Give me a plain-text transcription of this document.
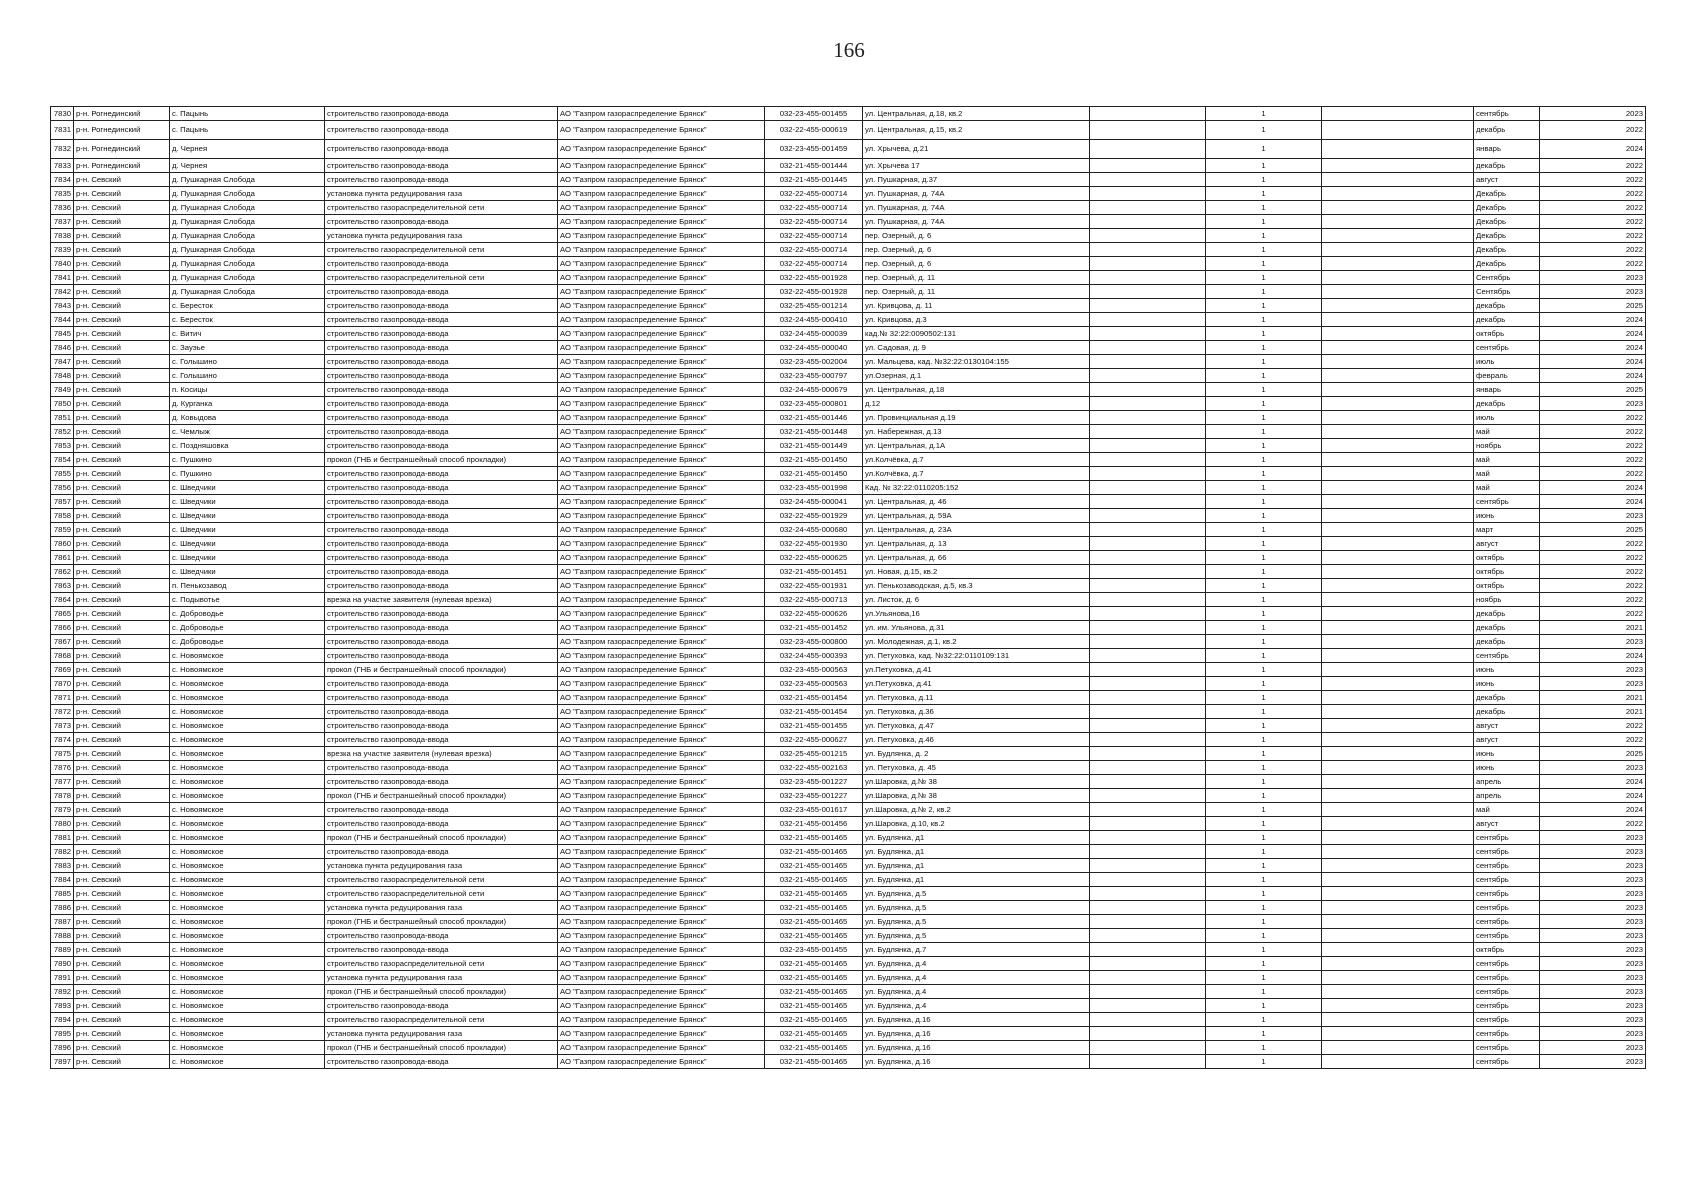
166
7830	р-н. Рогнединский	с. Пацынь	строительство газопровода-ввода	АО "Газпром газораспределение Брянск"	032-23-455-001455	ул. Центральная, д.18, кв.2		1		сентябрь	2023
7831	р-н. Рогнединский	с. Пацынь	строительство газопровода-ввода	АО "Газпром газораспределение Брянск"	032-22-455-000619	ул. Центральная, д.15, кв.2		1		декабрь	2022
7832	р-н. Рогнединский	д. Чернея	строительство газопровода-ввода	АО "Газпром газораспределение Брянск"	032-23-455-001459	ул. Хрычева, д.21		1		январь	2024
7833	р-н. Рогнединский	д. Чернея	строительство газопровода-ввода	АО "Газпром газораспределение Брянск"	032-21-455-001444	ул. Хрычева 17		1		декабрь	2022
7834	р-н. Севский	д. Пушкарная Слобода	строительство газопровода-ввода	АО "Газпром газораспределение Брянск"	032-21-455-001445	ул. Пушкарная, д.37		1		август	2022
7835	р-н. Севский	д. Пушкарная Слобода	установка пункта редуцирования газа	АО "Газпром газораспределение Брянск"	032-22-455-000714	ул. Пушкарная, д. 74А		1		Декабрь	2022
7836	р-н. Севский	д. Пушкарная Слобода	строительство газораспределительной сети	АО "Газпром газораспределение Брянск"	032-22-455-000714	ул. Пушкарная, д. 74А		1		Декабрь	2022
7837	р-н. Севский	д. Пушкарная Слобода	строительство газопровода-ввода	АО "Газпром газораспределение Брянск"	032-22-455-000714	ул. Пушкарная, д. 74А		1		Декабрь	2022
7838	р-н. Севский	д. Пушкарная Слобода	установка пункта редуцирования газа	АО "Газпром газораспределение Брянск"	032-22-455-000714	пер. Озерный, д. 6		1		Декабрь	2022
7839	р-н. Севский	д. Пушкарная Слобода	строительство газораспределительной сети	АО "Газпром газораспределение Брянск"	032-22-455-000714	пер. Озерный, д. 6		1		Декабрь	2022
7840	р-н. Севский	д. Пушкарная Слобода	строительство газопровода-ввода	АО "Газпром газораспределение Брянск"	032-22-455-000714	пер. Озерный, д. 6		1		Декабрь	2022
7841	р-н. Севский	д. Пушкарная Слобода	строительство газораспределительной сети	АО "Газпром газораспределение Брянск"	032-22-455-001928	пер. Озерный, д. 11		1		Сентябрь	2023
7842	р-н. Севский	д. Пушкарная Слобода	строительство газопровода-ввода	АО "Газпром газораспределение Брянск"	032-22-455-001928	пер. Озерный, д. 11		1		Сентябрь	2023
7843	р-н. Севский	с. Бересток	строительство газопровода-ввода	АО "Газпром газораспределение Брянск"	032-25-455-001214	ул. Кривцова, д. 11		1		декабрь	2025
7844	р-н. Севский	с. Бересток	строительство газопровода-ввода	АО "Газпром газораспределение Брянск"	032-24-455-000410	ул. Кривцова, д.3		1		декабрь	2024
7845	р-н. Севский	с. Витич	строительство газопровода-ввода	АО "Газпром газораспределение Брянск"	032-24-455-000039	кад.№ 32:22:0090502:131		1		октябрь	2024
7846	р-н. Севский	с. Зауэье	строительство газопровода-ввода	АО "Газпром газораспределение Брянск"	032-24-455-000040	ул. Садовая, д. 9		1		сентябрь	2024
7847	р-н. Севский	с. Голышино	строительство газопровода-ввода	АО "Газпром газораспределение Брянск"	032-23-455-002004	ул. Мальцева, кад. №32:22:0130104:155		1		июль	2024
7848	р-н. Севский	с. Голышино	строительство газопровода-ввода	АО "Газпром газораспределение Брянск"	032-23-455-000797	ул.Озерная, д.1		1		февраль	2024
7849	р-н. Севский	п. Косицы	строительство газопровода-ввода	АО "Газпром газораспределение Брянск"	032-24-455-000679	ул. Центральная, д.18		1		январь	2025
7850	р-н. Севский	д. Курганка	строительство газопровода-ввода	АО "Газпром газораспределение Брянск"	032-23-455-000801	д.12		1		декабрь	2023
7851	р-н. Севский	д. Ковыдова	строительство газопровода-ввода	АО "Газпром газораспределение Брянск"	032-21-455-001446	ул. Провинциальная д.19		1		июль	2022
7852	р-н. Севский	с. Чемлыж	строительство газопровода-ввода	АО "Газпром газораспределение Брянск"	032-21-455-001448	ул. Набережная, д.13		1		май	2022
7853	р-н. Севский	с. Поздняшовка	строительство газопровода-ввода	АО "Газпром газораспределение Брянск"	032-21-455-001449	ул. Центральная, д.1А		1		ноябрь	2022
7854	р-н. Севский	с. Пушкино	прокол (ГНБ и бестраншейный способ прокладки)	АО "Газпром газораспределение Брянск"	032-21-455-001450	ул.Колчёвка, д.7		1		май	2022
7855	р-н. Севский	с. Пушкино	строительство газопровода-ввода	АО "Газпром газораспределение Брянск"	032-21-455-001450	ул.Колчёвка, д.7		1		май	2022
7856	р-н. Севский	с. Шведчики	строительство газопровода-ввода	АО "Газпром газораспределение Брянск"	032-23-455-001998	Кад. № 32:22:0110205:152		1		май	2024
7857	р-н. Севский	с. Шведчики	строительство газопровода-ввода	АО "Газпром газораспределение Брянск"	032-24-455-000041	ул. Центральная, д. 46		1		сентябрь	2024
7858	р-н. Севский	с. Шведчики	строительство газопровода-ввода	АО "Газпром газораспределение Брянск"	032-22-455-001929	ул. Центральная, д. 59А		1		июнь	2023
7859	р-н. Севский	с. Шведчики	строительство газопровода-ввода	АО "Газпром газораспределение Брянск"	032-24-455-000680	ул. Центральная, д. 23А		1		март	2025
7860	р-н. Севский	с. Шведчики	строительство газопровода-ввода	АО "Газпром газораспределение Брянск"	032-22-455-001930	ул. Центральная, д. 13		1		август	2022
7861	р-н. Севский	с. Шведчики	строительство газопровода-ввода	АО "Газпром газораспределение Брянск"	032-22-455-000625	ул. Центральная, д. 66		1		октябрь	2022
7862	р-н. Севский	с. Шведчики	строительство газопровода-ввода	АО "Газпром газораспределение Брянск"	032-21-455-001451	ул. Новая, д.15, кв.2		1		октябрь	2022
7863	р-н. Севский	п. Пенькозавод	строительство газопровода-ввода	АО "Газпром газораспределение Брянск"	032-22-455-001931	ул. Пенькозаводская, д.5, кв.3		1		октябрь	2022
7864	р-н. Севский	с. Подывотье	врезка на участке заявителя (нулевая врезка)	АО "Газпром газораспределение Брянск"	032-22-455-000713	ул. Листок, д. 6		1		ноябрь	2022
7865	р-н. Севский	с. Доброводье	строительство газопровода-ввода	АО "Газпром газораспределение Брянск"	032-22-455-000626	ул.Ульянова,16		1		декабрь	2022
7866	р-н. Севский	с. Доброводье	строительство газопровода-ввода	АО "Газпром газораспределение Брянск"	032-21-455-001452	ул. им. Ульянова, д.31		1		декабрь	2021
7867	р-н. Севский	с. Доброводье	строительство газопровода-ввода	АО "Газпром газораспределение Брянск"	032-23-455-000800	ул. Молодежная, д.1, кв.2		1		декабрь	2023
7868	р-н. Севский	с. Новоямское	строительство газопровода-ввода	АО "Газпром газораспределение Брянск"	032-24-455-000393	ул. Петуховка, кад. №32:22:0110109:131		1		сентябрь	2024
7869	р-н. Севский	с. Новоямское	прокол (ГНБ и бестраншейный способ прокладки)	АО "Газпром газораспределение Брянск"	032-23-455-000563	ул.Петуховка, д.41		1		июнь	2023
7870	р-н. Севский	с. Новоямское	строительство газопровода-ввода	АО "Газпром газораспределение Брянск"	032-23-455-000563	ул.Петуховка, д.41		1		июнь	2023
7871	р-н. Севский	с. Новоямское	строительство газопровода-ввода	АО "Газпром газораспределение Брянск"	032-21-455-001454	ул. Петуховка, д.11		1		декабрь	2021
7872	р-н. Севский	с. Новоямское	строительство газопровода-ввода	АО "Газпром газораспределение Брянск"	032-21-455-001454	ул. Петуховка, д.36		1		декабрь	2021
7873	р-н. Севский	с. Новоямское	строительство газопровода-ввода	АО "Газпром газораспределение Брянск"	032-21-455-001455	ул. Петуховка, д.47		1		август	2022
7874	р-н. Севский	с. Новоямское	строительство газопровода-ввода	АО "Газпром газораспределение Брянск"	032-22-455-000627	ул. Петуховка, д.46		1		август	2022
7875	р-н. Севский	с. Новоямское	врезка на участке заявителя (нулевая врезка)	АО "Газпром газораспределение Брянск"	032-25-455-001215	ул. Будлянка, д. 2		1		июнь	2025
7876	р-н. Севский	с. Новоямское	строительство газопровода-ввода	АО "Газпром газораспределение Брянск"	032-22-455-002163	ул. Петуховка, д. 45		1		июнь	2023
7877	р-н. Севский	с. Новоямское	строительство газопровода-ввода	АО "Газпром газораспределение Брянск"	032-23-455-001227	ул.Шаровка, д.№ 38		1		апрель	2024
7878	р-н. Севский	с. Новоямское	прокол (ГНБ и бестраншейный способ прокладки)	АО "Газпром газораспределение Брянск"	032-23-455-001227	ул.Шаровка, д.№ 38		1		апрель	2024
7879	р-н. Севский	с. Новоямское	строительство газопровода-ввода	АО "Газпром газораспределение Брянск"	032-23-455-001617	ул.Шаровка, д.№ 2, кв.2		1		май	2024
7880	р-н. Севский	с. Новоямское	строительство газопровода-ввода	АО "Газпром газораспределение Брянск"	032-21-455-001456	ул.Шаровка, д.10, кв.2		1		август	2022
7881	р-н. Севский	с. Новоямское	прокол (ГНБ и бестраншейный способ прокладки)	АО "Газпром газораспределение Брянск"	032-21-455-001465	ул. Будлянка, д1		1		сентябрь	2023
7882	р-н. Севский	с. Новоямское	строительство газопровода-ввода	АО "Газпром газораспределение Брянск"	032-21-455-001465	ул. Будлянка, д1		1		сентябрь	2023
7883	р-н. Севский	с. Новоямское	установка пункта редуцирования газа	АО "Газпром газораспределение Брянск"	032-21-455-001465	ул. Будлянка, д1		1		сентябрь	2023
7884	р-н. Севский	с. Новоямское	строительство газораспределительной сети	АО "Газпром газораспределение Брянск"	032-21-455-001465	ул. Будлянка, д1		1		сентябрь	2023
7885	р-н. Севский	с. Новоямское	строительство газораспределительной сети	АО "Газпром газораспределение Брянск"	032-21-455-001465	ул. Будлянка, д.5		1		сентябрь	2023
7886	р-н. Севский	с. Новоямское	установка пункта редуцирования газа	АО "Газпром газораспределение Брянск"	032-21-455-001465	ул. Будлянка, д.5		1		сентябрь	2023
7887	р-н. Севский	с. Новоямское	прокол (ГНБ и бестраншейный способ прокладки)	АО "Газпром газораспределение Брянск"	032-21-455-001465	ул. Будлянка, д.5		1		сентябрь	2023
7888	р-н. Севский	с. Новоямское	строительство газопровода-ввода	АО "Газпром газораспределение Брянск"	032-21-455-001465	ул. Будлянка, д.5		1		сентябрь	2023
7889	р-н. Севский	с. Новоямское	строительство газопровода-ввода	АО "Газпром газораспределение Брянск"	032-23-455-001455	ул. Будлянка, д.7		1		октябрь	2023
7890	р-н. Севский	с. Новоямское	строительство газораспределительной сети	АО "Газпром газораспределение Брянск"	032-21-455-001465	ул. Будлянка, д.4		1		сентябрь	2023
7891	р-н. Севский	с. Новоямское	установка пункта редуцирования газа	АО "Газпром газораспределение Брянск"	032-21-455-001465	ул. Будлянка, д.4		1		сентябрь	2023
7892	р-н. Севский	с. Новоямское	прокол (ГНБ и бестраншейный способ прокладки)	АО "Газпром газораспределение Брянск"	032-21-455-001465	ул. Будлянка, д.4		1		сентябрь	2023
7893	р-н. Севский	с. Новоямское	строительство газопровода-ввода	АО "Газпром газораспределение Брянск"	032-21-455-001465	ул. Будлянка, д.4		1		сентябрь	2023
7894	р-н. Севский	с. Новоямское	строительство газораспределительной сети	АО "Газпром газораспределение Брянск"	032-21-455-001465	ул. Будлянка, д.16		1		сентябрь	2023
7895	р-н. Севский	с. Новоямское	установка пункта редуцирования газа	АО "Газпром газораспределение Брянск"	032-21-455-001465	ул. Будлянка, д.16		1		сентябрь	2023
7896	р-н. Севский	с. Новоямское	прокол (ГНБ и бестраншейный способ прокладки)	АО "Газпром газораспределение Брянск"	032-21-455-001465	ул. Будлянка, д.16		1		сентябрь	2023
7897	р-н. Севский	с. Новоямское	строительство газопровода-ввода	АО "Газпром газораспределение Брянск"	032-21-455-001465	ул. Будлянка, д.16		1		сентябрь	2023
